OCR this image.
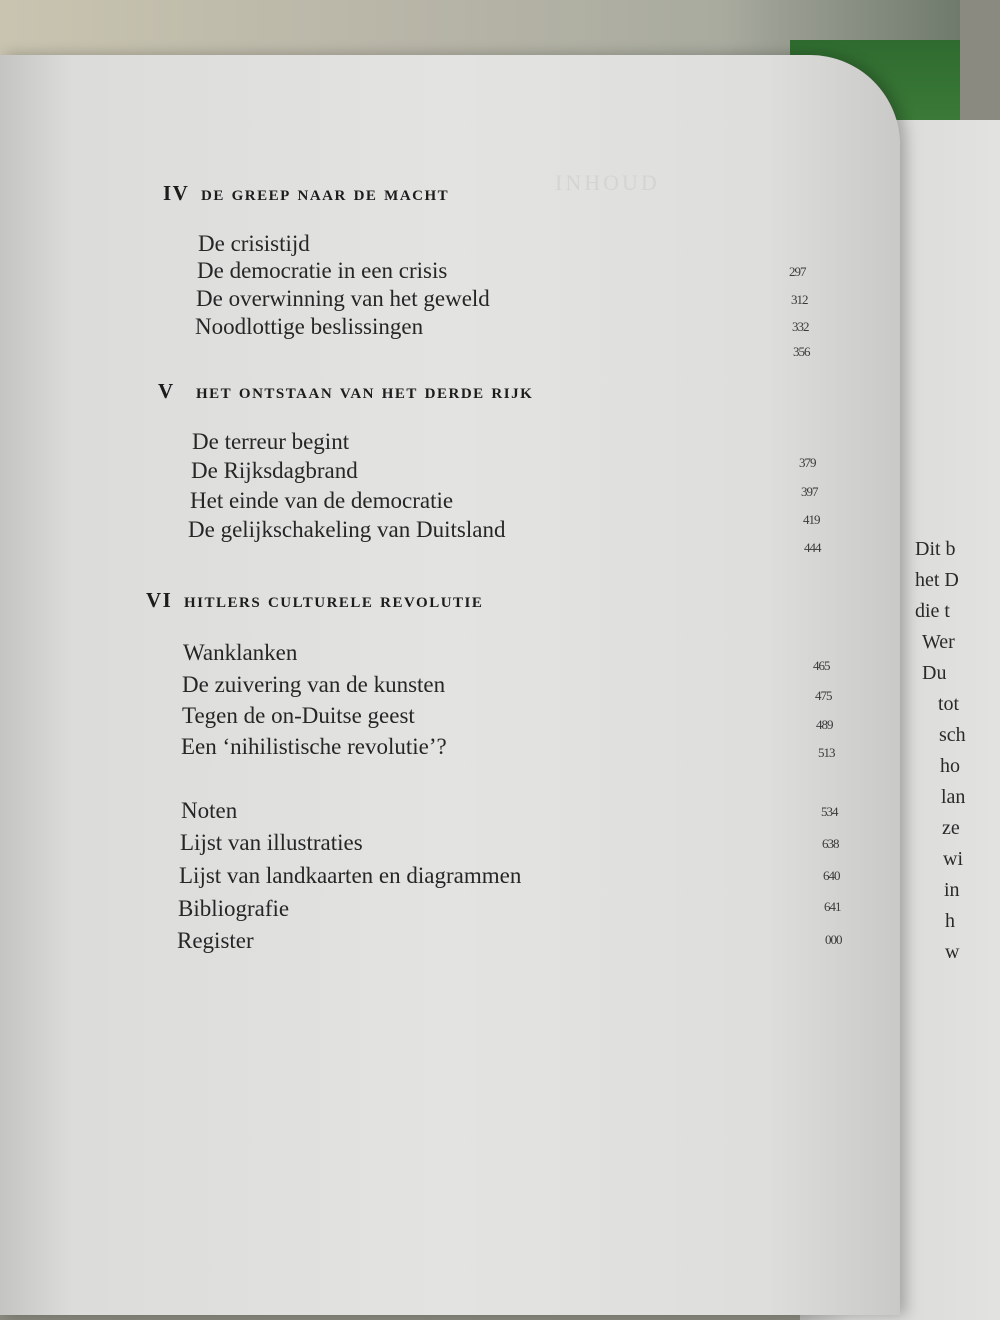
Dit b
het D
die t
Wer
Du
tot
sch
ho
lan
ze
wi
in
h
w
INHOUD
IV de greep naar de macht
De crisistijd
De democratie in een crisis
De overwinning van het geweld
Noodlottige beslissingen
297
312
332
356
V het ontstaan van het derde rijk
De terreur begint
De Rijksdagbrand
Het einde van de democratie
De gelijkschakeling van Duitsland
379
397
419
444
VI hitlers culturele revolutie
Wanklanken
De zuivering van de kunsten
Tegen de on-Duitse geest
Een ‘nihilistische revolutie’?
465
475
489
513
Noten
Lijst van illustraties
Lijst van landkaarten en diagrammen
Bibliografie
Register
534
638
640
641
000
